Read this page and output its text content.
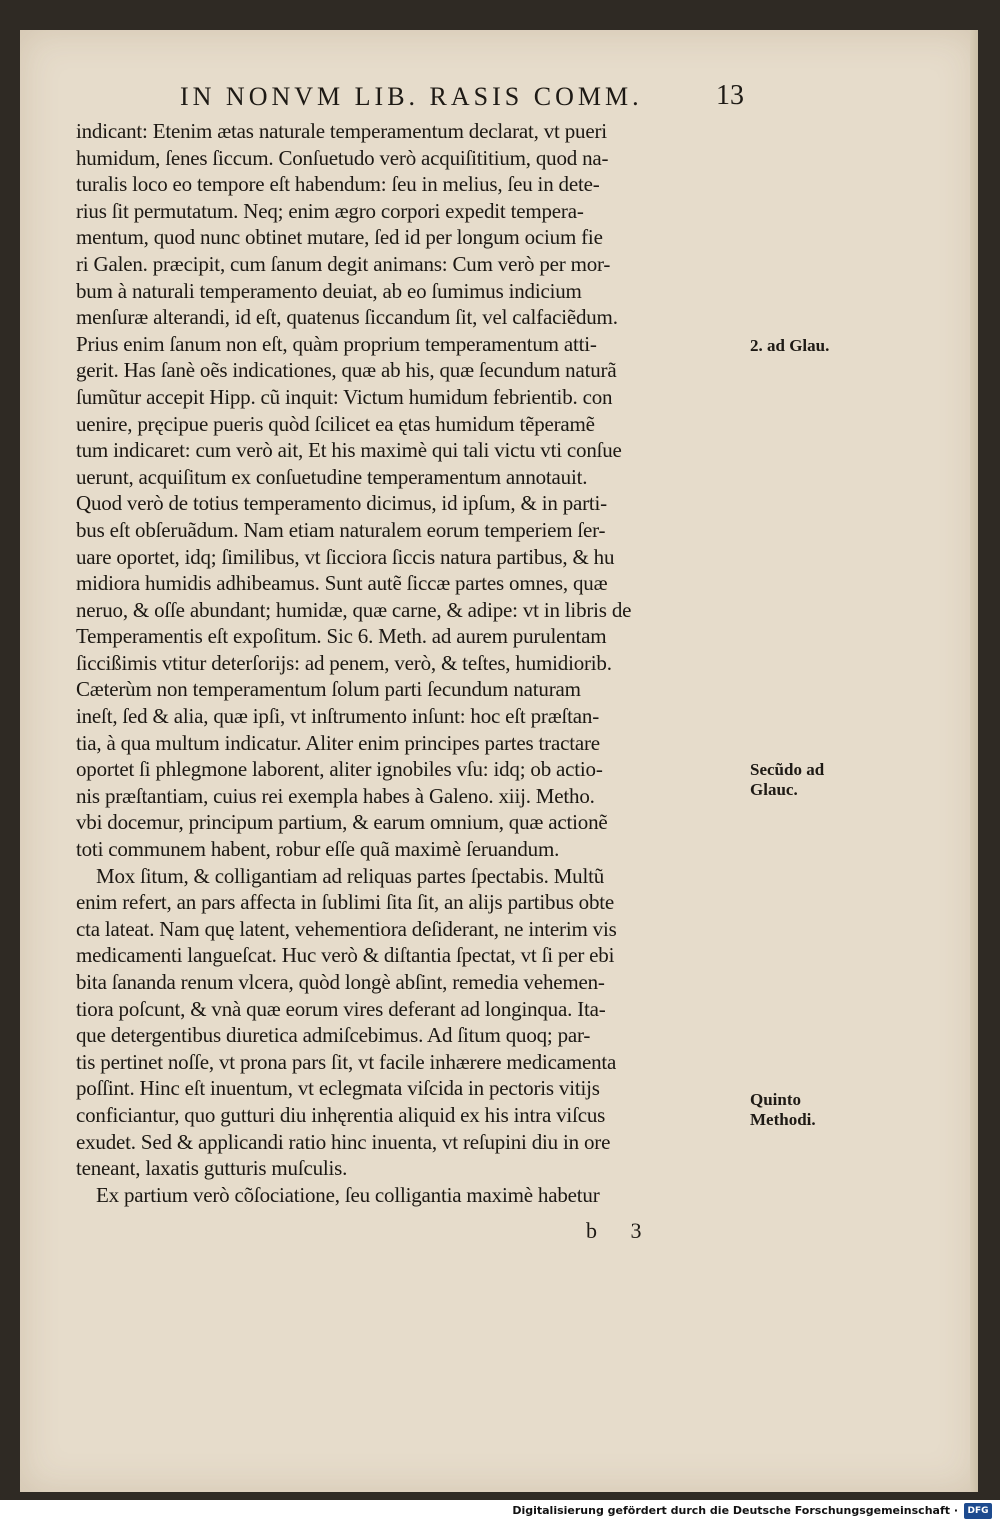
IN NONVM LIB. RASIS COMM.	13
indicant: Etenim ætas naturale temperamentum declarat, vt pueri
humidum, ſenes ſiccum. Conſuetudo verò acquiſititium, quod na-
turalis loco eo tempore eſt habendum: ſeu in melius, ſeu in dete-
rius ſit permutatum. Neq; enim ægro corpori expedit tempera-
mentum, quod nunc obtinet mutare, ſed id per longum ocium fie
ri Galen. præcipit, cum ſanum degit animans: Cum verò per mor-
bum à naturali temperamento deuiat, ab eo ſumimus indicium
menſuræ alterandi, id eſt, quatenus ſiccandum ſit, vel calfaciẽdum.
Prius enim ſanum non eſt, quàm proprium temperamentum atti-
gerit. Has ſanè oẽs indicationes, quæ ab his, quæ ſecundum naturã
ſumũtur accepit Hipp. cũ inquit: Victum humidum febrientib. con
uenire, pręcipue pueris quòd ſcilicet ea ętas humidum tẽperamẽ
tum indicaret: cum verò ait, Et his maximè qui tali victu vti conſue
uerunt, acquiſitum ex conſuetudine temperamentum annotauit.
Quod verò de totius temperamento dicimus, id ipſum, & in parti-
bus eſt obſeruãdum. Nam etiam naturalem eorum temperiem ſer-
uare oportet, idq; ſimilibus, vt ſicciora ſiccis natura partibus, & hu
midiora humidis adhibeamus. Sunt autẽ ſiccæ partes omnes, quæ
neruo, & oſſe abundant; humidæ, quæ carne, & adipe: vt in libris de
Temperamentis eſt expoſitum. Sic 6. Meth. ad aurem purulentam
ſiccißimis vtitur deterſorijs: ad penem, verò, & teſtes, humidiorib.
Cæterùm non temperamentum ſolum parti ſecundum naturam
ineſt, ſed & alia, quæ ipſi, vt inſtrumento inſunt: hoc eſt præſtan-
tia, à qua multum indicatur. Aliter enim principes partes tractare
oportet ſi phlegmone laborent, aliter ignobiles vſu: idq; ob actio-
nis præſtantiam, cuius rei exempla habes à Galeno. xiij. Metho.
vbi docemur, principum partium, & earum omnium, quæ actionẽ
toti communem habent, robur eſſe quã maximè ſeruandum.
Mox ſitum, & colligantiam ad reliquas partes ſpectabis. Multũ
enim refert, an pars affecta in ſublimi ſita ſit, an alijs partibus obte
cta lateat. Nam quę latent, vehementiora deſiderant, ne interim vis
medicamenti langueſcat. Huc verò & diſtantia ſpectat, vt ſi per ebi
bita ſananda renum vlcera, quòd longè abſint, remedia vehemen-
tiora poſcunt, & vnà quæ eorum vires deferant ad longinqua. Ita-
que detergentibus diuretica admiſcebimus. Ad ſitum quoq; par-
tis pertinet noſſe, vt prona pars ſit, vt facile inhærere medicamenta
poſſint. Hinc eſt inuentum, vt eclegmata viſcida in pectoris vitijs
conficiantur, quo gutturi diu inhęrentia aliquid ex his intra viſcus
exudet. Sed & applicandi ratio hinc inuenta, vt reſupini diu in ore
teneant, laxatis gutturis muſculis.
Ex partium verò cõſociatione, ſeu colligantia maximè habetur
2. ad Glau.
Secũdo ad
Glauc.
Quinto
Methodi.
b 3
Digitalisierung gefördert durch die Deutsche Forschungsgemeinschaft ·	DFG
